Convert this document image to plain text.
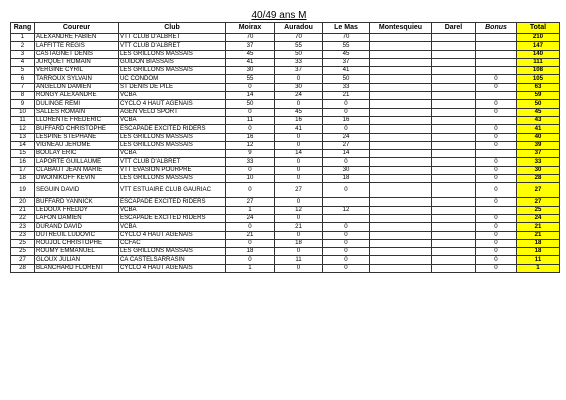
40/49 ans M
Rang	Coureur	Club	Moirax	Auradou	Le Mas	Montesquieu	Darel	Bonus	Total
1	ALEXANDRE FABIEN	VTT CLUB D'ALBRET	70	70	70				210
2	LAFFITTE REGIS	VTT CLUB D'ALBRET	37	55	55				147
3	CASTAGNET DENIS	LES GRILLONS MASSAIS	45	50	45				140
4	JURQUET ROMAIN	GUIDON BIASSAIS	41	33	37				111
5	VERGINE CYRIL	LES GRILLONS MASSAIS	30	37	41				108
6	TARROUX SYLVAIN	UC CONDOM	55	0	50			0	105
7	ANGELON DAMIEN	ST DENIS DE PILE	0	30	33			0	63
8	RONGY ALEXANDRE	VCBA	14	24	21				59
9	DULINGE REMI	CYCLO 4 HAUT AGENAIS	50	0	0			0	50
10	SALLES ROMAIN	AGEN VELO SPORT	0	45	0			0	45
11	LLORENTE FREDERIC	VCBA	11	16	16				43
12	BUFFARD CHRISTOPHE	ESCAPADE EXCITED RIDERS	0	41	0			0	41
13	LESPINE STEPHANE	LES GRILLONS MASSAIS	16	0	24			0	40
14	VIGNEAU JEROME	LES GRILLONS MASSAIS	12	0	27			0	39
15	BOULAY ERIC	VCBA	9	14	14				37
16	LAPORTE GUILLAUME	VTT CLUB D'ALBRET	33	0	0			0	33
17	CLABAUT JEAN MARIE	VTT EVASION POURPRE	0	0	30			0	30
18	DWOINIKOFF KEVIN	LES GRILLONS MASSAIS	10	0	18			0	28
19	SEGUIN DAVID	VTT ESTUAIRE CLUB GAURIAC	0	27	0			0	27
20	BUFFARD YANNICK	ESCAPADE EXCITED RIDERS	27	0				0	27
21	LEDOUX FREDDY	VCBA	1	12	12				25
22	LAFON DAMIEN	ESCAPADE EXCITED RIDERS	24	0				0	24
23	DURAND DAVID	VCBA	0	21	0			0	21
23	DUTREUIL LUDOVIC	CYCLO 4 HAUT AGENAIS	21	0	0			0	21
25	ROUJOL CHRISTOPHE	CCFAC	0	18	0			0	18
25	ROUMY EMMANUEL	LES GRILLONS MASSAIS	18	0	0			0	18
27	GLOUX JULIAN	CA CASTELSARRASIN	0	11	0			0	11
28	BLANCHARD FLORENT	CYCLO 4 HAUT AGENAIS	1	0	0			0	1
